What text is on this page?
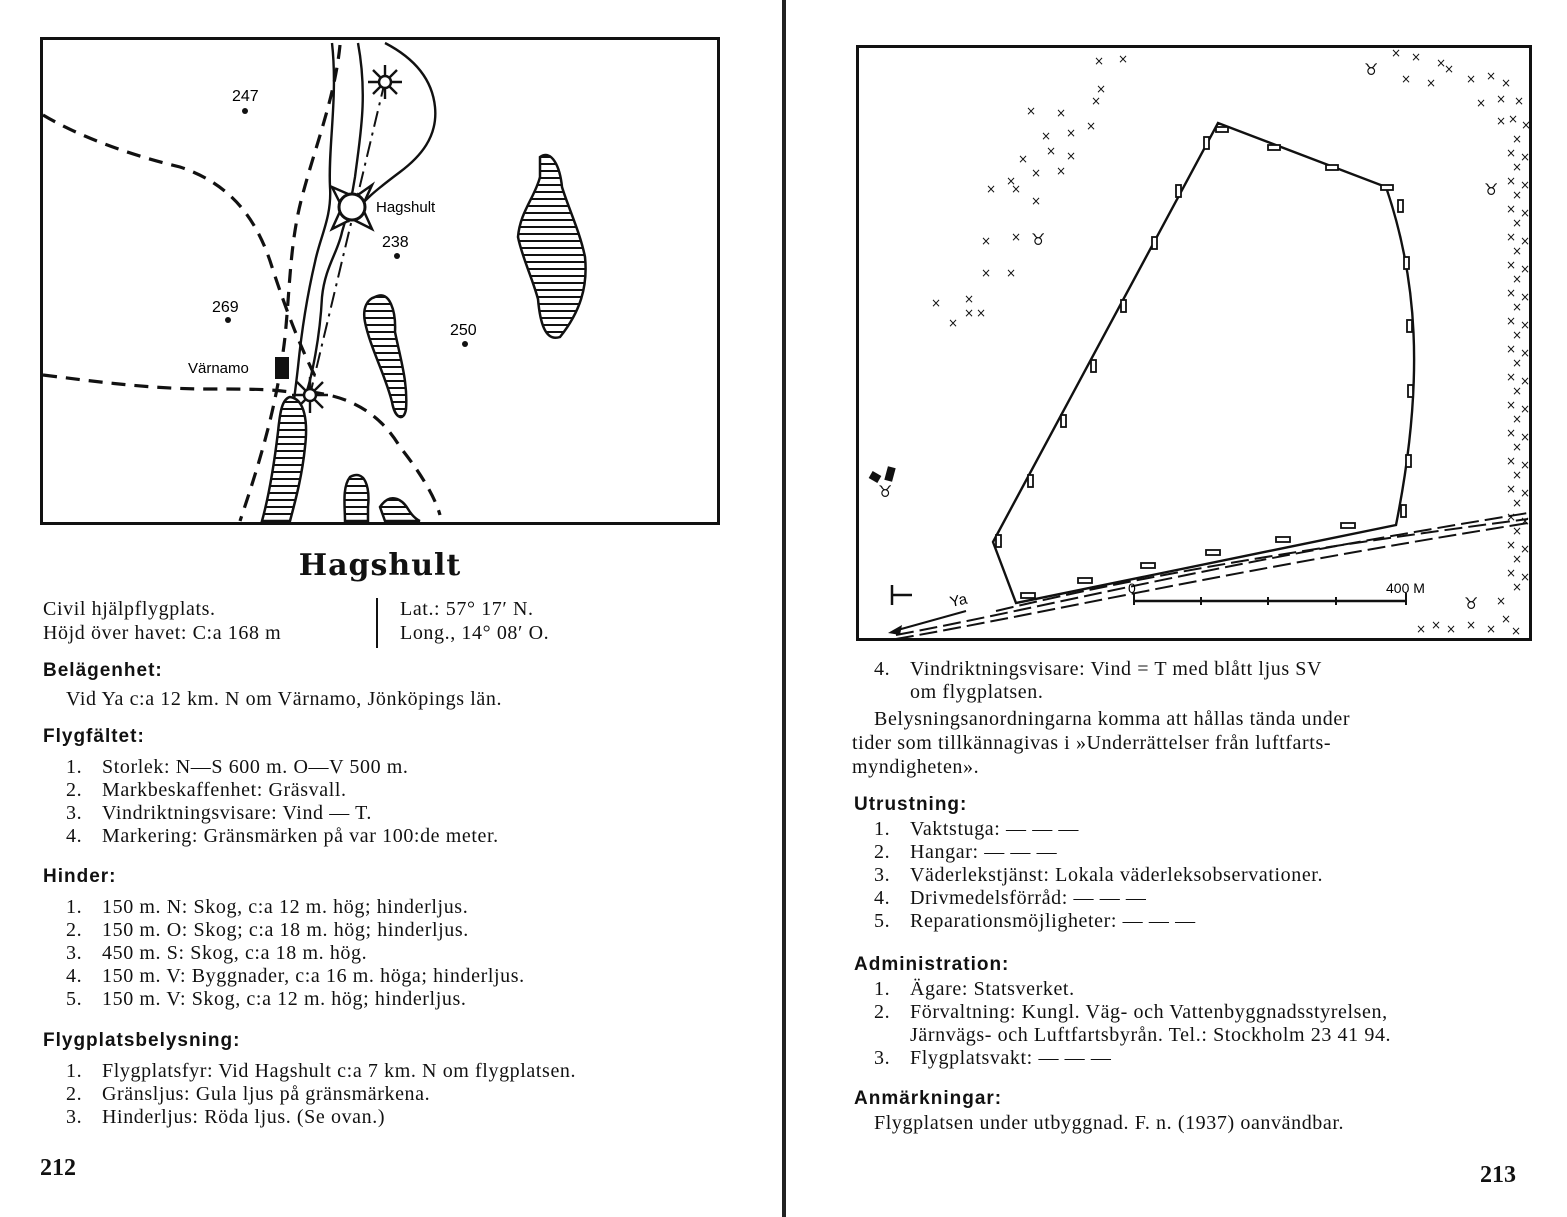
247
Hagshult
238
269
250
Värnamo
Hagshult

Civil hjälpflygplats.

Höjd över havet: C:a 168 m

Lat.: 57° 17′ N.

Long., 14° 08′ O.

Belägenhet:

Vid Ya c:a 12 km. N om Värnamo, Jönköpings län.

Flygfältet:
1. Storlek: N—S 600 m. O—V 500 m.
2. Markbeskaffenhet: Gräsvall.
3. Vindriktningsvisare: Vind — T.
4. Markering: Gränsmärken på var 100:de meter.
Hinder:
1. 150 m. N: Skog, c:a 12 m. hög; hinderljus.
2. 150 m. O: Skog; c:a 18 m. hög; hinderljus.
3. 450 m. S: Skog, c:a 18 m. hög.
4. 150 m. V: Byggnader, c:a 16 m. höga; hinderljus.
5. 150 m. V: Skog, c:a 12 m. hög; hinderljus.
Flygplatsbelysning:
1. Flygplatsfyr: Vid Hagshult c:a 7 km. N om flygplatsen.
2. Gränsljus: Gula ljus på gränsmärkena.
3. Hinderljus: Röda ljus. (Se ovan.)
212
0	400 M
Ya
× ×
× ×
×
×
× × ×
×
× ×
×
× ×
× ×
×
× ×
× ×
× ×
×
× ×
× × ×
× ×
×
× × ×
× × ×
× × ×
×
× ×
×
× ×
×
× ×
×
× ×
×
× ×
×
× ×
×
× ×
×
× ×
×
× ×
×
× ×
×
× ×
×
× ×
×
× ×
×
× ×
×
× ×
×
× ×
×
× × × × ×
×
×
×
♉
♉
♉
♉
♉
4. Vindriktningsvisare: Vind = T med blått ljus SV
om flygplatsen.

Belysningsanordningarna komma att hållas tända under

tider som tillkännagivas i »Underrättelser från luftfarts-

myndigheten».

Utrustning:
1. Vaktstuga: — — —
2. Hangar: — — —
3. Väderlekstjänst: Lokala väderleksobservationer.
4. Drivmedelsförråd: — — —
5. Reparationsmöjligheter: — — —
Administration:
1. Ägare: Statsverket.
2. Förvaltning: Kungl. Väg- och Vattenbyggnadsstyrelsen,
Järnvägs- och Luftfartsbyrån. Tel.: Stockholm 23 41 94.
3. Flygplatsvakt: — — —
Anmärkningar:

Flygplatsen under utbyggnad. F. n. (1937) oanvändbar.

213
